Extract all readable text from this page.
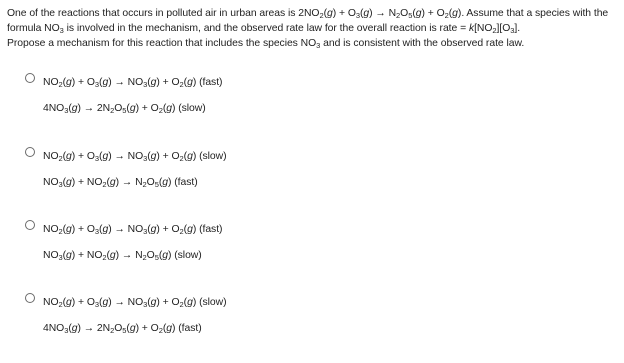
One of the reactions that occurs in polluted air in urban areas is $2NO_2(g) + O_3(g) \to N_2O_5(g) + O_2(g)$. Assume that a species with the

formula $NO_3$ is involved in the mechanism, and the observed rate law for the overall reaction is rate = $k[NO_2][O_3]$.

Propose a mechanism for this reaction that includes the species $NO_3$ and is consistent with the observed rate law.

$NO_2(g) + O_3(g) \to NO_3(g) + O_2(g)$ (fast)
$4NO_3(g) \to 2N_2O_5(g) + O_2(g)$ (slow)
$NO_2(g) + O_3(g) \to NO_3(g) + O_2(g)$ (slow)
$NO_3(g) + NO_2(g) \to N_2O_5(g)$ (fast)
$NO_2(g) + O_3(g) \to NO_3(g) + O_2(g)$ (fast)
$NO_3(g) + NO_2(g) \to N_2O_5(g)$ (slow)
$NO_2(g) + O_3(g) \to NO_3(g) + O_2(g)$ (slow)
$4NO_3(g) \to 2N_2O_5(g) + O_2(g)$ (fast)
